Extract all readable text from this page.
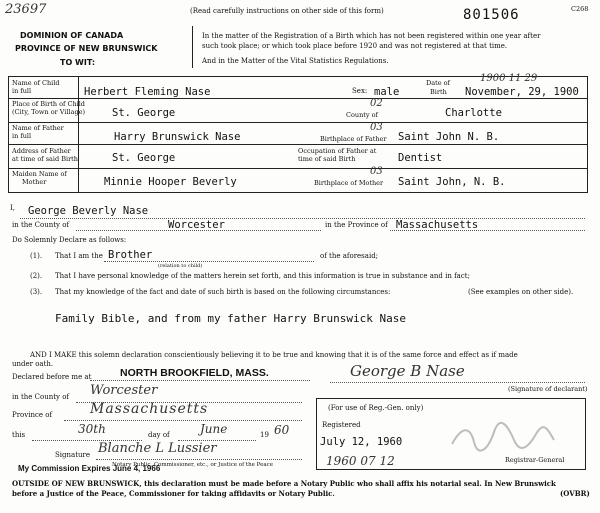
23697	(Read carefully instructions on other side of this form)	801506	C268
DOMINION OF CANADA
PROVINCE OF NEW BRUNSWICK
TO WIT:
In the matter of the Registration of a Birth which has not been registered within one year after
such took place; or which took place before 1920 and was not registered at that time.
And in the Matter of the Vital Statistics Regulations.
Name of Child
in full	Herbert Fleming Nase	Sex: male
Date of
Birth
1900 11 29
November, 29, 1900
Place of Birth of Child
(City, Town or Village)	St. George
02
County of	Charlotte
Name of Father
in full	Harry Brunswick Nase
03
Birthplace of Father Saint John N. B.
Address of Father
at time of said Birth	St. George
Occupation of Father at
time of said Birth	Dentist
Maiden Name of
Mother	Minnie Hooper Beverly
03
Birthplace of Mother Saint John, N. B.
I, George Beverly Nase
in the County of	Worcester	in the Province of Massachusetts
Do Solemnly Declare as follows:
(1). That I am the Brother
(relation to child)
of the aforesaid;
(2). That I have personal knowledge of the matters herein set forth, and this information is true in substance and in fact;
(3). That my knowledge of the fact and date of such birth is based on the following circumstances:	(See examples on other side).
Family Bible, and from my father Harry Brunswick Nase
AND I MAKE this solemn declaration conscientiously believing it to be true and knowing that it is of the same force and effect as if made
under oath.
Declared before me at	NORTH BROOKFIELD, MASS.	George B Nase
(Signature of declarant)
in the County of Worcester
Province of	Massachusetts
this	30th	day of	June	19 60
Signature Blanche L Lussier
My Commission Expires June 4, 1966
Notary Public, Commissioner, etc., or Justice of the Peace
(For use of Reg.-Gen. only)
Registered
July 12, 1960
1960 07 12	Registrar-General
OUTSIDE OF NEW BRUNSWICK, this declaration must be made before a Notary Public who shall affix his notarial seal. In New Brunswick
before a Justice of the Peace, Commissioner for taking affidavits or Notary Public.	(OVBR)
